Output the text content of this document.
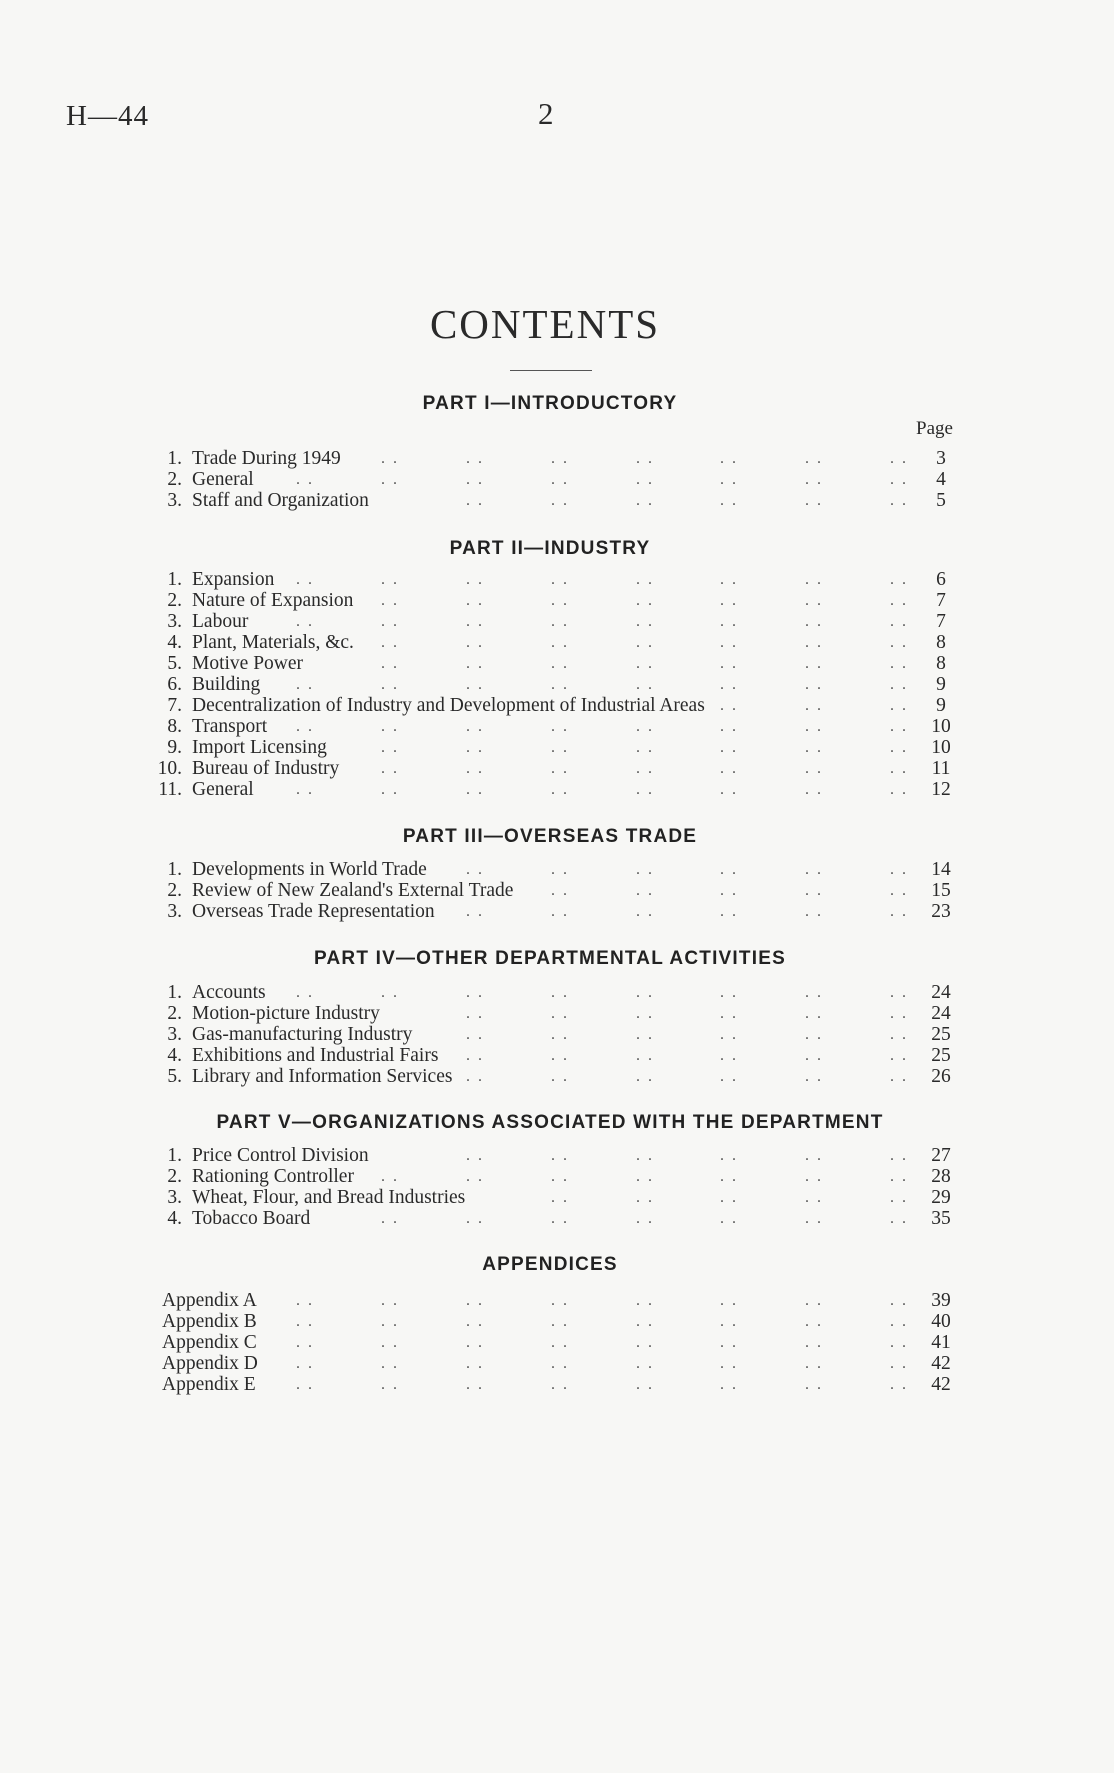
H—44	2
CONTENTS
Page
PART I—INTRODUCTORY
1. Trade During 1949	3
. .	. .	. .	. .	. .	. .	. .
2. General	4
. .	. .	. .	. .	. .	. .	. .	. .
3. Staff and Organization	5
. .	. .	. .	. .	. .	. .
PART II—INDUSTRY
1. Expansion	6
. .	. .	. .	. .	. .	. .	. .	. .
2. Nature of Expansion	7
. .	. .	. .	. .	. .	. .	. .
3. Labour	7
. .	. .	. .	. .	. .	. .	. .	. .
4. Plant, Materials, &c.	8
. .	. .	. .	. .	. .	. .	. .
5. Motive Power	8
. .	. .	. .	. .	. .	. .	. .
6. Building	9
. .	. .	. .	. .	. .	. .	. .	. .
7. Decentralization of Industry and Development of Industrial Areas	9
. .	. .	. .
8. Transport	10
. .	. .	. .	. .	. .	. .	. .	. .
9. Import Licensing	10
. .	. .	. .	. .	. .	. .	. .
10. Bureau of Industry	11
. .	. .	. .	. .	. .	. .	. .
11. General	12
. .	. .	. .	. .	. .	. .	. .	. .
PART III—OVERSEAS TRADE
1. Developments in World Trade	14
. .	. .	. .	. .	. .	. .
2. Review of New Zealand's External Trade	15
. .	. .	. .	. .	. .
3. Overseas Trade Representation	23
. .	. .	. .	. .	. .	. .
PART IV—OTHER DEPARTMENTAL ACTIVITIES
1. Accounts	24
. .	. .	. .	. .	. .	. .	. .	. .
2. Motion-picture Industry	24
. .	. .	. .	. .	. .	. .
3. Gas-manufacturing Industry	25
. .	. .	. .	. .	. .	. .
4. Exhibitions and Industrial Fairs	25
. .	. .	. .	. .	. .	. .
5. Library and Information Services	26
. .	. .	. .	. .	. .	. .
PART V—ORGANIZATIONS ASSOCIATED WITH THE DEPARTMENT
1. Price Control Division	27
. .	. .	. .	. .	. .	. .
2. Rationing Controller	28
. .	. .	. .	. .	. .	. .	. .
3. Wheat, Flour, and Bread Industries	29
. .	. .	. .	. .	. .
4. Tobacco Board	35
. .	. .	. .	. .	. .	. .	. .
APPENDICES
Appendix A	39
. .	. .	. .	. .	. .	. .	. .	. .
Appendix B	40
. .	. .	. .	. .	. .	. .	. .	. .
Appendix C	41
. .	. .	. .	. .	. .	. .	. .	. .
Appendix D	42
. .	. .	. .	. .	. .	. .	. .	. .
Appendix E	42
. .	. .	. .	. .	. .	. .	. .	. .
